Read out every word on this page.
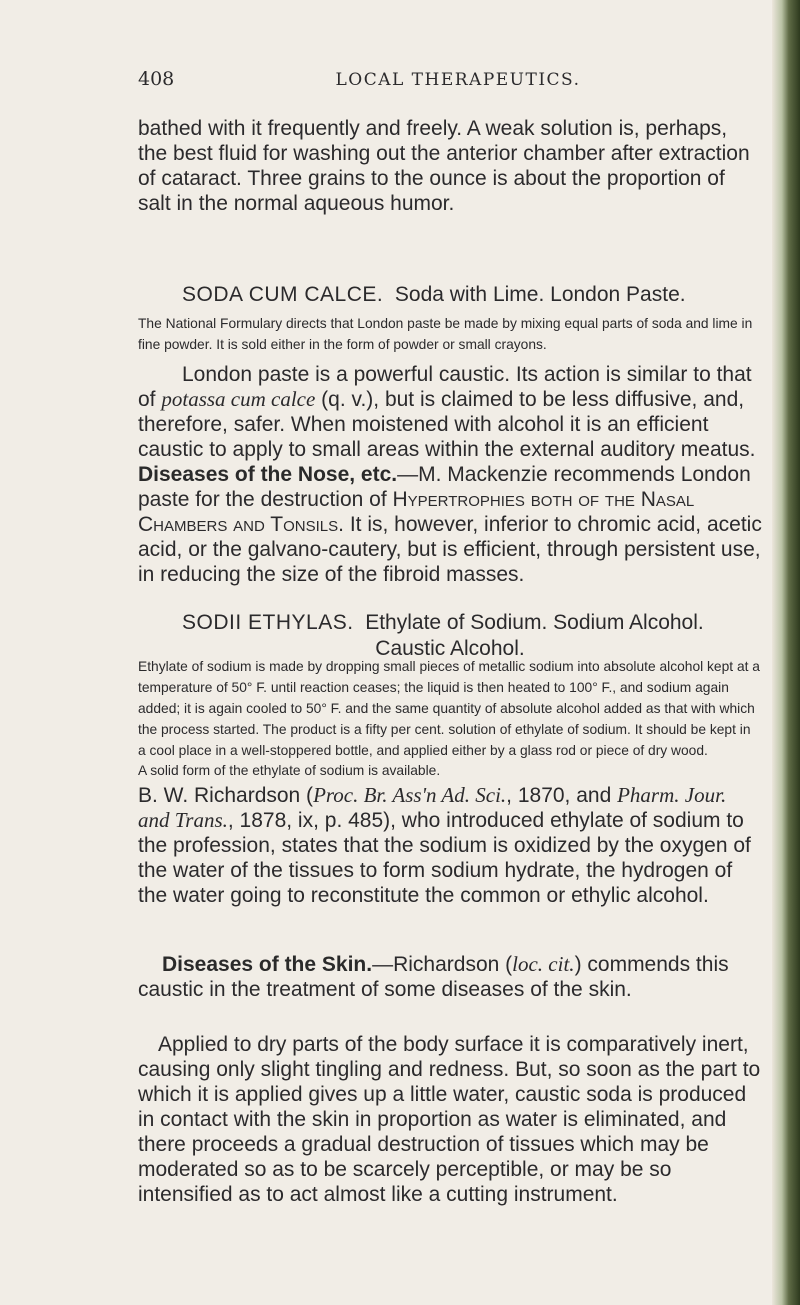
408	LOCAL THERAPEUTICS.

bathed with it frequently and freely. A weak solution is, perhaps, the best fluid for washing out the anterior chamber after extraction of cataract. Three grains to the ounce is about the proportion of salt in the normal aqueous humor.

SODA CUM CALCE. Soda with Lime. London Paste.

The National Formulary directs that London paste be made by mixing equal parts of soda and lime in fine powder. It is sold either in the form of powder or small crayons.

London paste is a powerful caustic. Its action is similar to that of potassa cum calce (q. v.), but is claimed to be less diffusive, and, therefore, safer. When moistened with alcohol it is an efficient caustic to apply to small areas within the external auditory meatus.

Diseases of the Nose, etc.—M. Mackenzie recommends London paste for the destruction of Hypertrophies both of the Nasal Chambers and Tonsils. It is, however, inferior to chromic acid, acetic acid, or the galvano-cautery, but is efficient, through persistent use, in reducing the size of the fibroid masses.

SODII ETHYLAS. Ethylate of Sodium. Sodium Alcohol.

Caustic Alcohol.

Ethylate of sodium is made by dropping small pieces of metallic sodium into absolute alcohol kept at a temperature of 50° F. until reaction ceases; the liquid is then heated to 100° F., and sodium again added; it is again cooled to 50° F. and the same quantity of absolute alcohol added as that with which the process started. The product is a fifty per cent. solution of ethylate of sodium. It should be kept in a cool place in a well-stoppered bottle, and applied either by a glass rod or piece of dry wood.

A solid form of the ethylate of sodium is available.

B. W. Richardson (Proc. Br. Ass'n Ad. Sci., 1870, and Pharm. Jour. and Trans., 1878, ix, p. 485), who introduced ethylate of sodium to the profession, states that the sodium is oxidized by the oxygen of the water of the tissues to form sodium hydrate, the hydrogen of the water going to reconstitute the common or ethylic alcohol.

Diseases of the Skin.—Richardson (loc. cit.) commends this caustic in the treatment of some diseases of the skin.

Applied to dry parts of the body surface it is comparatively inert, causing only slight tingling and redness. But, so soon as the part to which it is applied gives up a little water, caustic soda is produced in contact with the skin in proportion as water is eliminated, and there proceeds a gradual destruction of tissues which may be moderated so as to be scarcely perceptible, or may be so intensified as to act almost like a cutting instrument.
